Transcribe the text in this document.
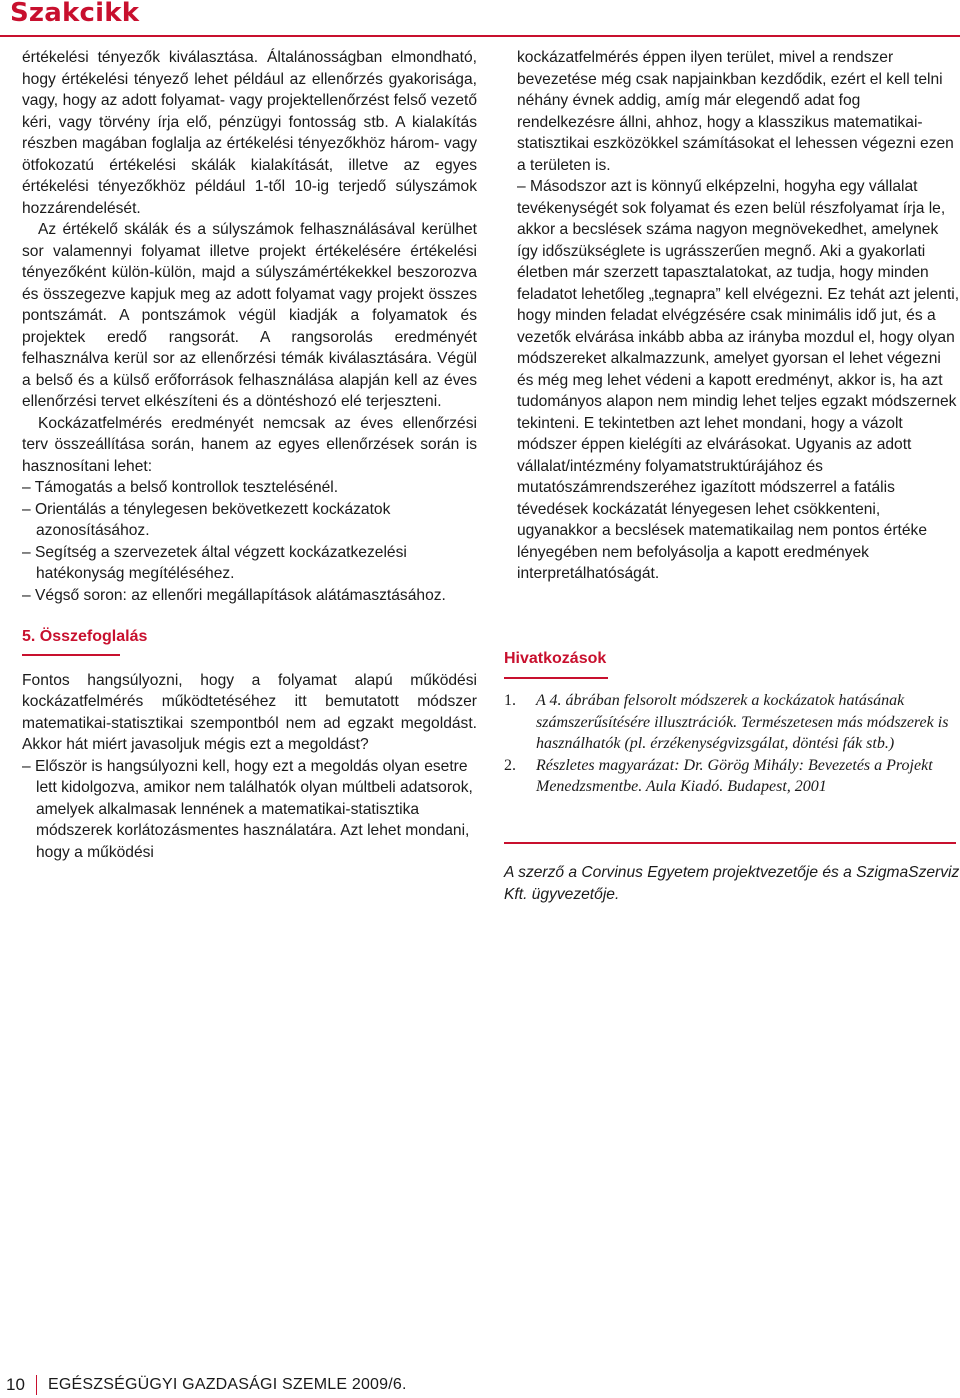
Szakcikk

értékelési tényezők kiválasztása. Általánosságban elmondható, hogy értékelési tényező lehet például az ellenőrzés gyakorisága, vagy, hogy az adott folyamat- vagy projektellenőrzést felső vezető kéri, vagy törvény írja elő, pénzügyi fontosság stb. A kialakítás részben magában foglalja az értékelési tényezőkhöz három- vagy ötfokozatú értékelési skálák kialakítását, illetve az egyes értékelési tényezőkhöz például 1-től 10-ig terjedő súlyszámok hozzárendelését.

Az értékelő skálák és a súlyszámok felhasználásával kerülhet sor valamennyi folyamat illetve projekt értékelésére értékelési tényezőként külön-külön, majd a súlyszámértékekkel beszorozva és összegezve kapjuk meg az adott folyamat vagy projekt összes pontszámát. A pontszámok végül kiadják a folyamatok és projektek eredő rangsorát. A rangsorolás eredményét felhasználva kerül sor az ellenőrzési témák kiválasztására. Végül a belső és a külső erőforrások felhasználása alapján kell az éves ellenőrzési tervet elkészíteni és a döntéshozó elé terjeszteni.

Kockázatfelmérés eredményét nemcsak az éves ellenőrzési terv összeállítása során, hanem az egyes ellenőrzések során is hasznosítani lehet:

– Támogatás a belső kontrollok tesztelésénél.

– Orientálás a ténylegesen bekövetkezett kockázatok azonosításához.

– Segítség a szervezetek által végzett kockázatkezelési hatékonyság megítéléséhez.

– Végső soron: az ellenőri megállapítások alátámasztásához.

5. Összefoglalás

Fontos hangsúlyozni, hogy a folyamat alapú működési kockázatfelmérés működtetéséhez itt bemutatott módszer matematikai-statisztikai szempontból nem ad egzakt megoldást. Akkor hát miért javasoljuk mégis ezt a megoldást?

– Először is hangsúlyozni kell, hogy ezt a megoldás olyan esetre lett kidolgozva, amikor nem találhatók olyan múltbeli adatsorok, amelyek alkalmasak lennének a matematikai-statisztika módszerek korlátozásmentes használatára. Azt lehet mondani, hogy a működési

kockázatfelmérés éppen ilyen terület, mivel a rendszer bevezetése még csak napjainkban kezdődik, ezért el kell telni néhány évnek addig, amíg már elegendő adat fog rendelkezésre állni, ahhoz, hogy a klasszikus matematikai-statisztikai eszközökkel számításokat el lehessen végezni ezen a területen is.

– Másodszor azt is könnyű elképzelni, hogyha egy vállalat tevékenységét sok folyamat és ezen belül részfolyamat írja le, akkor a becslések száma nagyon megnövekedhet, amelynek így időszükséglete is ugrásszerűen megnő. Aki a gyakorlati életben már szerzett tapasztalatokat, az tudja, hogy minden feladatot lehetőleg „tegnapra” kell elvégezni. Ez tehát azt jelenti, hogy minden feladat elvégzésére csak minimális idő jut, és a vezetők elvárása inkább abba az irányba mozdul el, hogy olyan módszereket alkalmazzunk, amelyet gyorsan el lehet végezni és még meg lehet védeni a kapott eredményt, akkor is, ha azt tudományos alapon nem mindig lehet teljes egzakt módszernek tekinteni. E tekintetben azt lehet mondani, hogy a vázolt módszer éppen kielégíti az elvárásokat. Ugyanis az adott vállalat/intézmény folyamatstruktúrájához és mutatószámrendszeréhez igazított módszerrel a fatális tévedések kockázatát lényegesen lehet csökkenteni, ugyanakkor a becslések matematikailag nem pontos értéke lényegében nem befolyásolja a kapott eredmények interpretálhatóságát.

Hivatkozások
1. A 4. ábrában felsorolt módszerek a kockázatok hatásának számszerűsítésére illusztrációk. Természetesen más módszerek is használhatók (pl. érzékenységvizsgálat, döntési fák stb.)
2. Részletes magyarázat: Dr. Görög Mihály: Bevezetés a Projekt Menedzsmentbe. Aula Kiadó. Budapest, 2001
A szerző a Corvinus Egyetem projektvezetője és a SzigmaSzerviz Kft. ügyvezetője.
10 EGÉSZSÉGÜGYI GAZDASÁGI SZEMLE 2009/6.
